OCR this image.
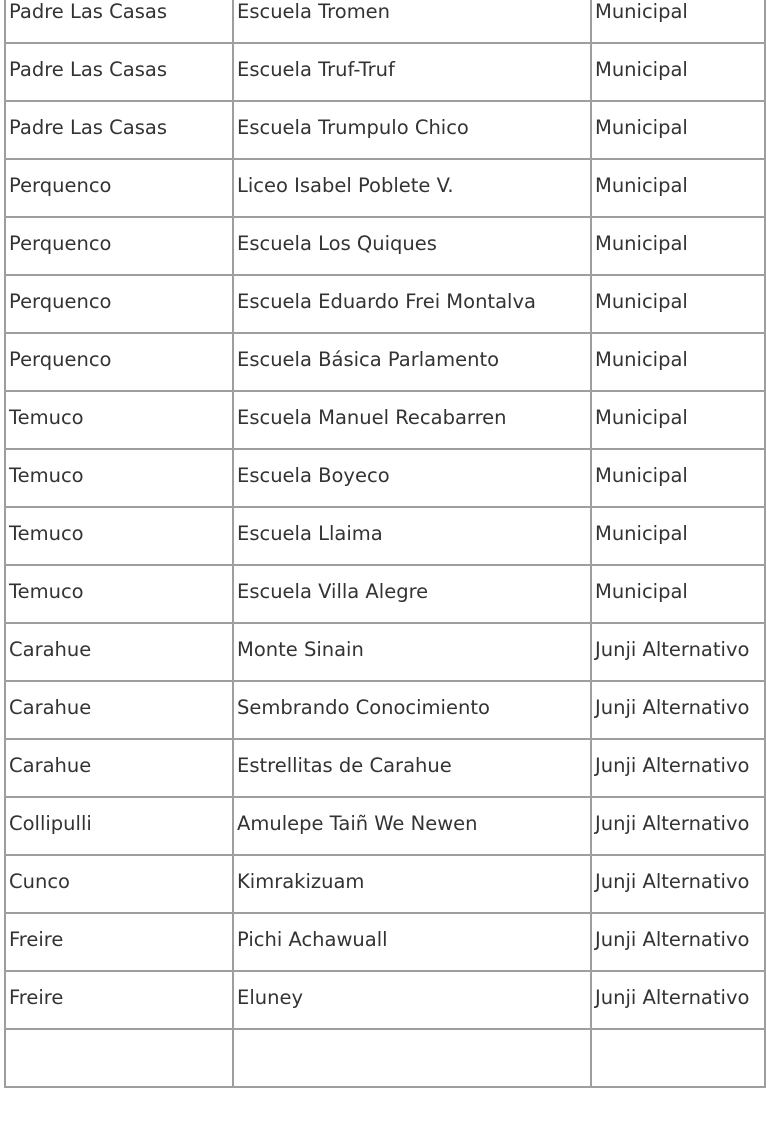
Padre Las Casas	Escuela Tromen	Municipal

Padre Las Casas	Escuela Truf-Truf	Municipal

Padre Las Casas	Escuela Trumpulo Chico	Municipal

Perquenco	Liceo Isabel Poblete V.	Municipal

Perquenco	Escuela Los Quiques	Municipal

Perquenco	Escuela Eduardo Frei Montalva	Municipal

Perquenco	Escuela Básica Parlamento	Municipal

Temuco	Escuela Manuel Recabarren	Municipal

Temuco	Escuela Boyeco	Municipal

Temuco	Escuela Llaima	Municipal

Temuco	Escuela Villa Alegre	Municipal

Carahue	Monte Sinain	Junji Alternativo

Carahue	Sembrando Conocimiento	Junji Alternativo

Carahue	Estrellitas de Carahue	Junji Alternativo

Collipulli	Amulepe Taiñ We Newen	Junji Alternativo

Cunco	Kimrakizuam	Junji Alternativo

Freire	Pichi Achawuall	Junji Alternativo

Freire	Eluney	Junji Alternativo
